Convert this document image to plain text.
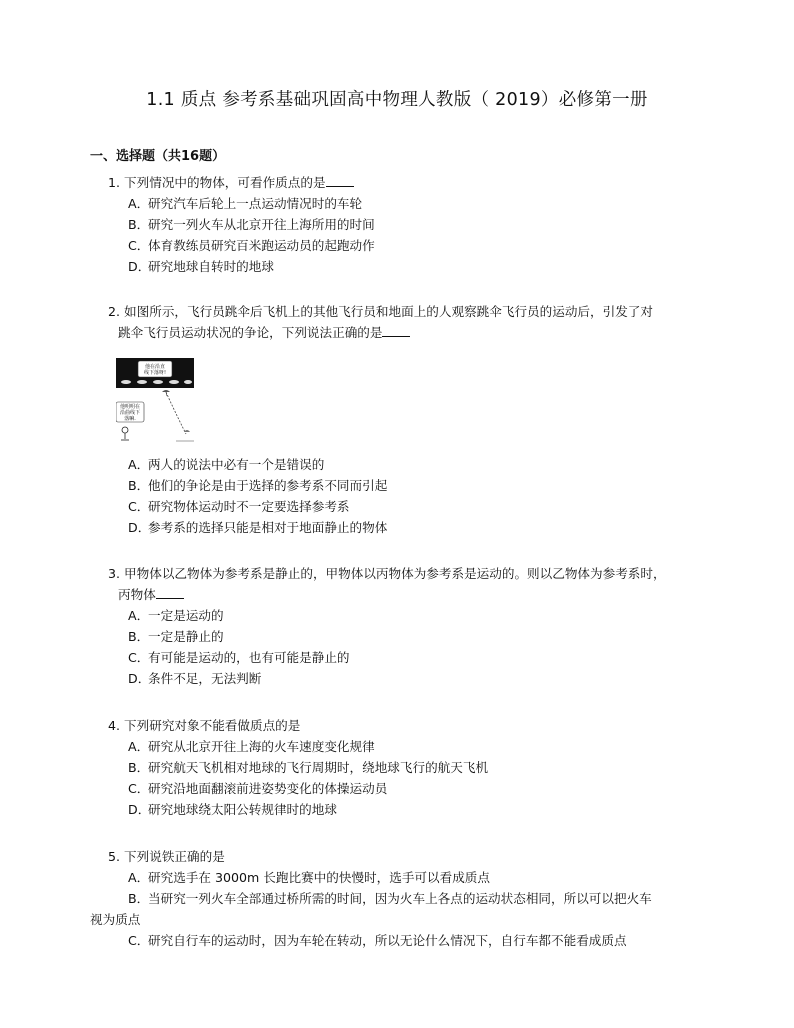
1.1 质点 参考系基础巩固高中物理人教版（ 2019）必修第一册
一、选择题（共16题）
1. 下列情况中的物体，可看作质点的是
A．研究汽车后轮上一点运动情况时的车轮
B．研究一列火车从北京开往上海所用的时间
C．体育教练员研究百米跑运动员的起跑动作
D．研究地球自转时的地球
2. 如图所示，飞行员跳伞后飞机上的其他飞行员和地面上的人观察跳伞飞行员的运动后，引发了对
跳伞飞行员运动状况的争论，下列说法正确的是
他在沿直
线下落呀!
他明明在
沿曲线下
落嘛.
A．两人的说法中必有一个是错误的
B．他们的争论是由于选择的参考系不同而引起
C．研究物体运动时不一定要选择参考系
D．参考系的选择只能是相对于地面静止的物体
3. 甲物体以乙物体为参考系是静止的，甲物体以丙物体为参考系是运动的。则以乙物体为参考系时，
丙物体
A．一定是运动的
B．一定是静止的
C．有可能是运动的，也有可能是静止的
D．条件不足，无法判断
4. 下列研究对象不能看做质点的是
A．研究从北京开往上海的火车速度变化规律
B．研究航天飞机相对地球的飞行周期时，绕地球飞行的航天飞机
C．研究沿地面翻滚前进姿势变化的体操运动员
D．研究地球绕太阳公转规律时的地球
5. 下列说铁正确的是
A．研究选手在 3000m 长跑比赛中的快慢时，选手可以看成质点
B．当研究一列火车全部通过桥所需的时间，因为火车上各点的运动状态相同，所以可以把火车
视为质点
C．研究自行车的运动时，因为车轮在转动，所以无论什么情况下，自行车都不能看成质点
